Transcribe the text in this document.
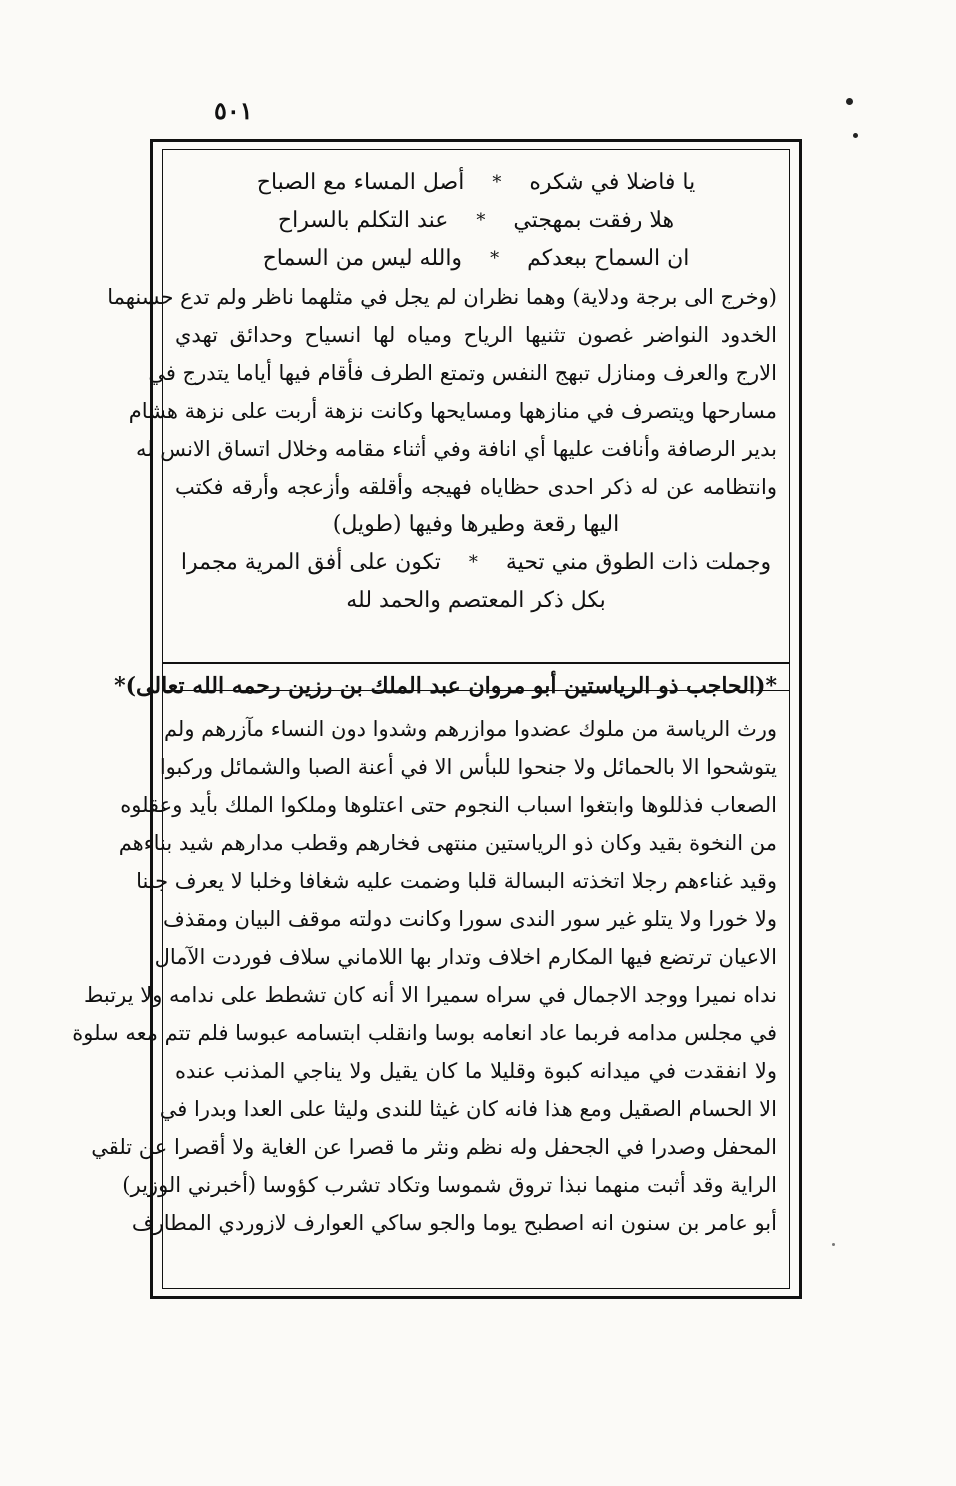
٥٠١
يا فاضلا في شكره
*
أصل المساء مع الصباح
هلا رفقت بمهجتي
*
عند التكلم بالسراح
ان السماح ببعدكم
*
والله ليس من السماح
(وخرج الى برجة ودلاية) وهما نظران لم يجل في مثلهما ناظر ولم تدع حسنهما
الخدود النواضر غصون تثنيها الرياح ومياه لها انسياح وحدائق تهدي
الارج والعرف ومنازل تبهج النفس وتمتع الطرف فأقام فيها أياما يتدرج في
مسارحها ويتصرف في منازهها ومسايحها وكانت نزهة أربت على نزهة هشام
بدير الرصافة وأنافت عليها أي انافة وفي أثناء مقامه وخلال اتساق الانس له
وانتظامه عن له ذكر احدى حظاياه فهيجه وأقلقه وأزعجه وأرقه فكتب
اليها رقعة وطيرها وفيها (طويل)
وجملت ذات الطوق مني تحية
*
تكون على أفق المرية مجمرا
بكل ذكر المعتصم والحمد لله
*(الحاجب ذو الرياستين أبو مروان عبد الملك بن رزين رحمه الله تعالى)*
ورث الرياسة من ملوك عضدوا موازرهم وشدوا دون النساء مآزرهم ولم
يتوشحوا الا بالحمائل ولا جنحوا للبأس الا في أعنة الصبا والشمائل وركبوا
الصعاب فذللوها وابتغوا اسباب النجوم حتى اعتلوها وملكوا الملك بأيد وعقلوه
من النخوة بقيد وكان ذو الرياستين منتهى فخارهم وقطب مدارهم شيد بناءهم
وقيد غناءهم رجلا اتخذته البسالة قلبا وضمت عليه شغافا وخلبا لا يعرف جبنا
ولا خورا ولا يتلو غير سور الندى سورا وكانت دولته موقف البيان ومقذف
الاعيان ترتضع فيها المكارم اخلاف وتدار بها اللاماني سلاف فوردت الآمال
نداه نميرا ووجد الاجمال في سراه سميرا الا أنه كان تشطط على ندامه ولا يرتبط
في مجلس مدامه فربما عاد انعامه بوسا وانقلب ابتسامه عبوسا فلم تتم معه سلوة
ولا انفقدت في ميدانه كبوة وقليلا ما كان يقيل ولا يناجي المذنب عنده
الا الحسام الصقيل ومع هذا فانه كان غيثا للندى وليثا على العدا وبدرا في
المحفل وصدرا في الجحفل وله نظم ونثر ما قصرا عن الغاية ولا أقصرا عن تلقي
الراية وقد أثبت منهما نبذا تروق شموسا وتكاد تشرب كؤوسا (أخبرني الوزير)
أبو عامر بن سنون انه اصطبح يوما والجو ساكي العوارف لازوردي المطارف
